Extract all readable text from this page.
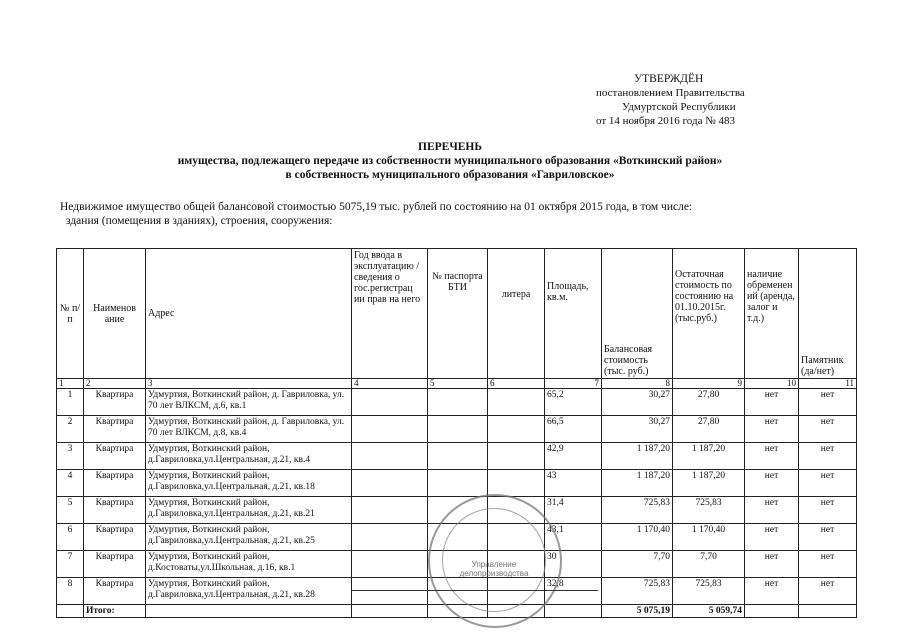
УТВЕРЖДЁН
постановлением Правительства
Удмуртской Республики
от 14 ноября 2016 года № 483
ПЕРЕЧЕНЬ
имущества, подлежащего передаче из собственности муниципального образования «Воткинский район»
в собственность муниципального образования «Гавриловское»
Недвижимое имущество общей балансовой стоимостью 5075,19 тыс. рублей по состоянию на 01 октября 2015 года, в том числе:
здания (помещения в зданиях), строения, сооружения:
№ п/п	Наименов ание	Адрес	Год ввода в эксплуатацию /сведения о гос.регистрац ии прав на него	№ паспорта БТИ	литера	Площадь, кв.м.	Балансовая стоимость (тыс. руб.)	Остаточная стоимость по состоянию на 01.10.2015г. (тыс.руб.)	наличие обременен ий (аренда, залог и т.д.)	Памятник (да/нет)
1	2	3	4	5	6	7	8	9	10	11
1	Квартира	Удмуртия, Воткинский район, д. Гавриловка, ул. 70 лет ВЛКСМ, д.6, кв.1				65,2	30,27	27,80	нет	нет
2	Квартира	Удмуртия, Воткинский район, д. Гавриловка, ул. 70 лет ВЛКСМ, д.8, кв.4				66,5	30,27	27,80	нет	нет
3	Квартира	Удмуртия, Воткинский район, д.Гавриловка,ул.Центральная, д.21, кв.4				42,9	1 187,20	1 187,20	нет	нет
4	Квартира	Удмуртия, Воткинский район, д.Гавриловка,ул.Центральная, д.21, кв.18				43	1 187,20	1 187,20	нет	нет
5	Квартира	Удмуртия, Воткинский район, д.Гавриловка,ул.Центральная, д.21, кв.21				31,4	725,83	725,83	нет	нет
6	Квартира	Удмуртия, Воткинский район, д.Гавриловка,ул.Центральная, д.21, кв.25				43,1	1 170,40	1 170,40	нет	нет
7	Квартира	Удмуртия, Воткинский район, д.Костоваты,ул.Школьная, д.16, кв.1				30	7,70	7,70	нет	нет
8	Квартира	Удмуртия, Воткинский район, д.Гавриловка,ул.Центральная, д.21, кв.28				32,8	725,83	725,83	нет	нет
	Итого:						5 075,19	5 059,74		
Управление делопроизводства
